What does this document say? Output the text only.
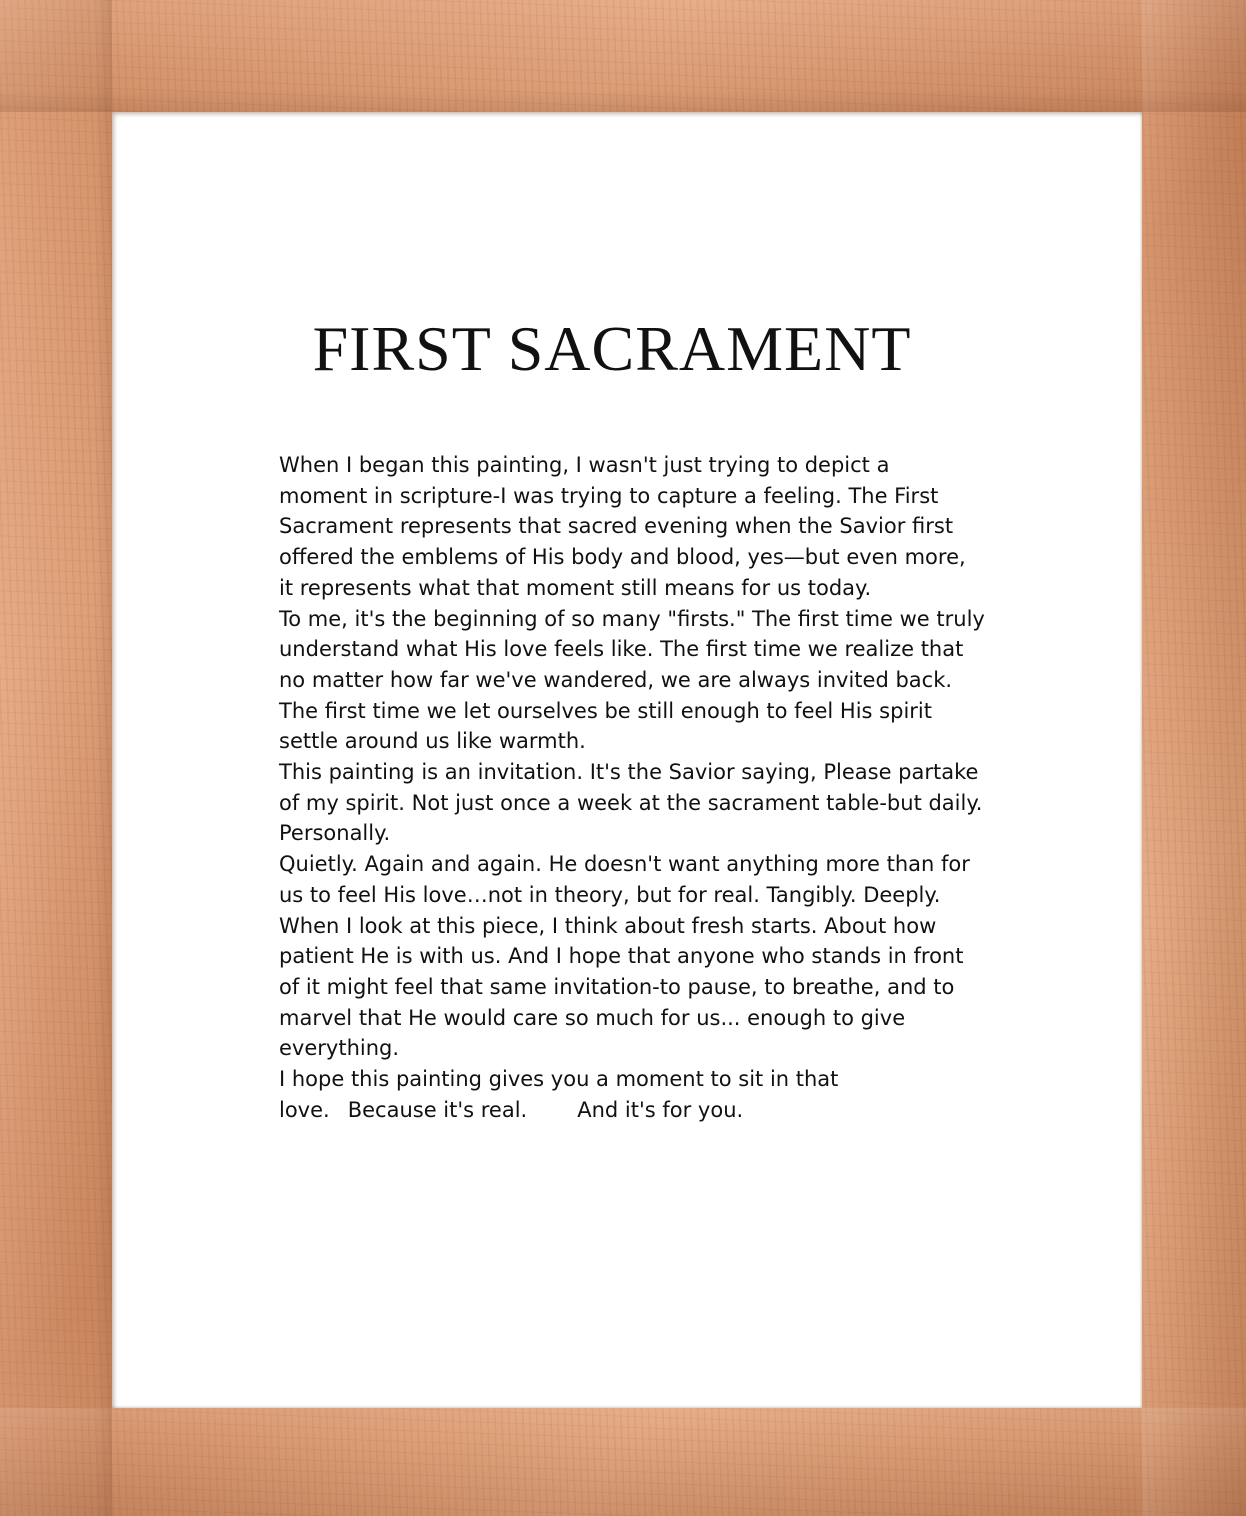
FIRST SACRAMENT
When I began this painting, I wasn't just trying to depict a
moment in scripture-I was trying to capture a feeling. The First
Sacrament represents that sacred evening when the Savior first
offered the emblems of His body and blood, yes—but even more,
it represents what that moment still means for us today.
To me, it's the beginning of so many "firsts." The first time we truly
understand what His love feels like. The first time we realize that
no matter how far we've wandered, we are always invited back.
The first time we let ourselves be still enough to feel His spirit
settle around us like warmth.
This painting is an invitation. It's the Savior saying, Please partake
of my spirit. Not just once a week at the sacrament table-but daily.
Personally.
Quietly. Again and again. He doesn't want anything more than for
us to feel His love…not in theory, but for real. Tangibly. Deeply.
When I look at this piece, I think about fresh starts. About how
patient He is with us. And I hope that anyone who stands in front
of it might feel that same invitation-to pause, to breathe, and to
marvel that He would care so much for us... enough to give
everything.
I hope this painting gives you a moment to sit in that
love. Because it's real. And it's for you.
